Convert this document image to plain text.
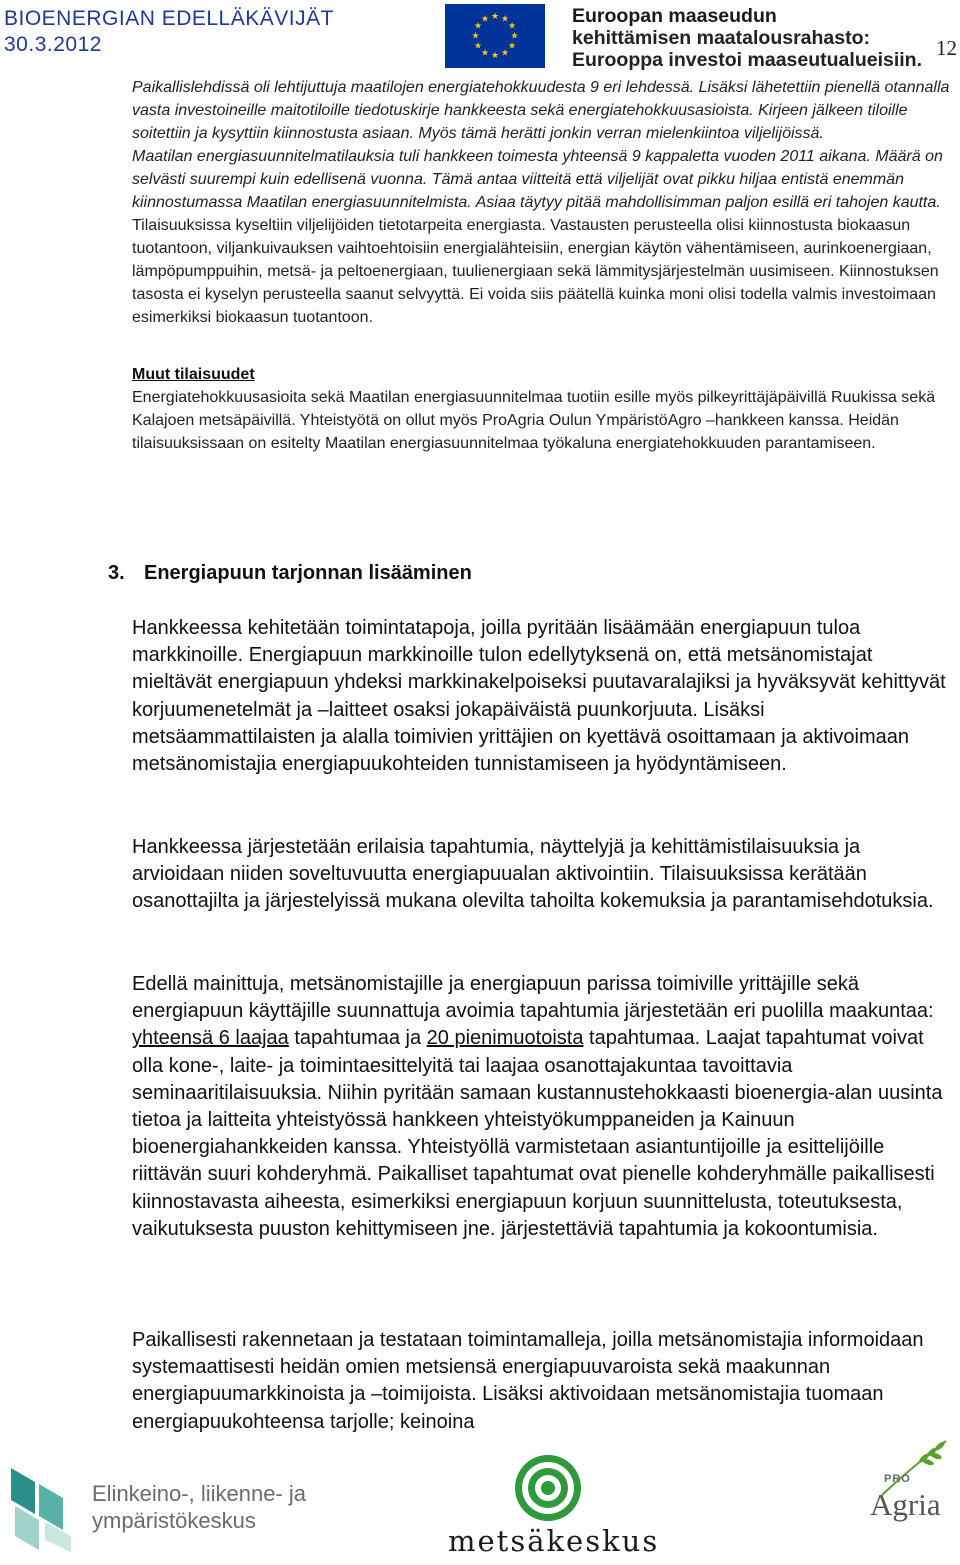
BIOENERGIAN EDELLÄKÄVIJÄT
30.3.2012
★ ★
★
★
★
★
★
★
★
★
★
★	Euroopan maaseudun
kehittämisen maatalousrahasto:
Eurooppa investoi maaseutualueisiin. 12

Paikallislehdissä oli lehtijuttuja maatilojen energiatehokkuudesta 9 eri lehdessä. Lisäksi lähetettiin pienellä otannalla vasta investoineille maitotiloille tiedotuskirje hankkeesta sekä energiatehokkuusasioista. Kirjeen jälkeen tiloille soitettiin ja kysyttiin kiinnostusta asiaan. Myös tämä herätti jonkin verran mielenkiintoa viljelijöissä.

Maatilan energiasuunnitelmatilauksia tuli hankkeen toimesta yhteensä 9 kappaletta vuoden 2011 aikana. Määrä on selvästi suurempi kuin edellisenä vuonna. Tämä antaa viitteitä että viljelijät ovat pikku hiljaa entistä enemmän kiinnostumassa Maatilan energiasuunnitelmista. Asiaa täytyy pitää mahdollisimman paljon esillä eri tahojen kautta.

Tilaisuuksissa kyseltiin viljelijöiden tietotarpeita energiasta. Vastausten perusteella olisi kiinnostusta biokaasun tuotantoon, viljankuivauksen vaihtoehtoisiin energialähteisiin, energian käytön vähentämiseen, aurinkoenergiaan, lämpöpumppuihin, metsä- ja peltoenergiaan, tuulienergiaan sekä lämmitysjärjestelmän uusimiseen. Kiinnostuksen tasosta ei kyselyn perusteella saanut selvyyttä. Ei voida siis päätellä kuinka moni olisi todella valmis investoimaan esimerkiksi biokaasun tuotantoon.

Muut tilaisuudet

Energiatehokkuusasioita sekä Maatilan energiasuunnitelmaa tuotiin esille myös pilkeyrittäjäpäivillä Ruukissa sekä Kalajoen metsäpäivillä. Yhteistyötä on ollut myös ProAgria Oulun YmpäristöAgro –hankkeen kanssa. Heidän tilaisuuksissaan on esitelty Maatilan energiasuunnitelmaa työkaluna energiatehokkuuden parantamiseen.

3. Energiapuun tarjonnan lisääminen

Hankkeessa kehitetään toimintatapoja, joilla pyritään lisäämään energiapuun tuloa markkinoille. Energiapuun markkinoille tulon edellytyksenä on, että metsänomistajat mieltävät energiapuun yhdeksi markkinakelpoiseksi puutavaralajiksi ja hyväksyvät kehittyvät korjuumenetelmät ja –laitteet osaksi jokapäiväistä puunkorjuuta. Lisäksi metsäammattilaisten ja alalla toimivien yrittäjien on kyettävä osoittamaan ja aktivoimaan metsänomistajia energiapuukohteiden tunnistamiseen ja hyödyntämiseen.

Hankkeessa järjestetään erilaisia tapahtumia, näyttelyjä ja kehittämistilaisuuksia ja arvioidaan niiden soveltuvuutta energiapuualan aktivointiin. Tilaisuuksissa kerätään osanottajilta ja järjestelyissä mukana olevilta tahoilta kokemuksia ja parantamisehdotuksia.

Edellä mainittuja, metsänomistajille ja energiapuun parissa toimiville yrittäjille sekä energiapuun käyttäjille suunnattuja avoimia tapahtumia järjestetään eri puolilla maakuntaa: yhteensä 6 laajaa tapahtumaa ja 20 pienimuotoista tapahtumaa. Laajat tapahtumat voivat olla kone-, laite- ja toimintaesittelyitä tai laajaa osanottajakuntaa tavoittavia seminaaritilaisuuksia. Niihin pyritään samaan kustannustehokkaasti bioenergia-alan uusinta tietoa ja laitteita yhteistyössä hankkeen yhteistyökumppaneiden ja Kainuun bioenergiahankkeiden kanssa. Yhteistyöllä varmistetaan asiantuntijoille ja esittelijöille riittävän suuri kohderyhmä. Paikalliset tapahtumat ovat pienelle kohderyhmälle paikallisesti kiinnostavasta aiheesta, esimerkiksi energiapuun korjuun suunnittelusta, toteutuksesta, vaikutuksesta puuston kehittymiseen jne. järjestettäviä tapahtumia ja kokoontumisia.

Paikallisesti rakennetaan ja testataan toimintamalleja, joilla metsänomistajia informoidaan systemaattisesti heidän omien metsiensä energiapuuvaroista sekä maakunnan energiapuumarkkinoista ja –toimijoista. Lisäksi aktivoidaan metsänomistajia tuomaan energiapuukohteensa tarjolle; keinoina

Elinkeino-, liikenne- ja
ympäristökeskus
metsäkeskus
PRO
Agria
